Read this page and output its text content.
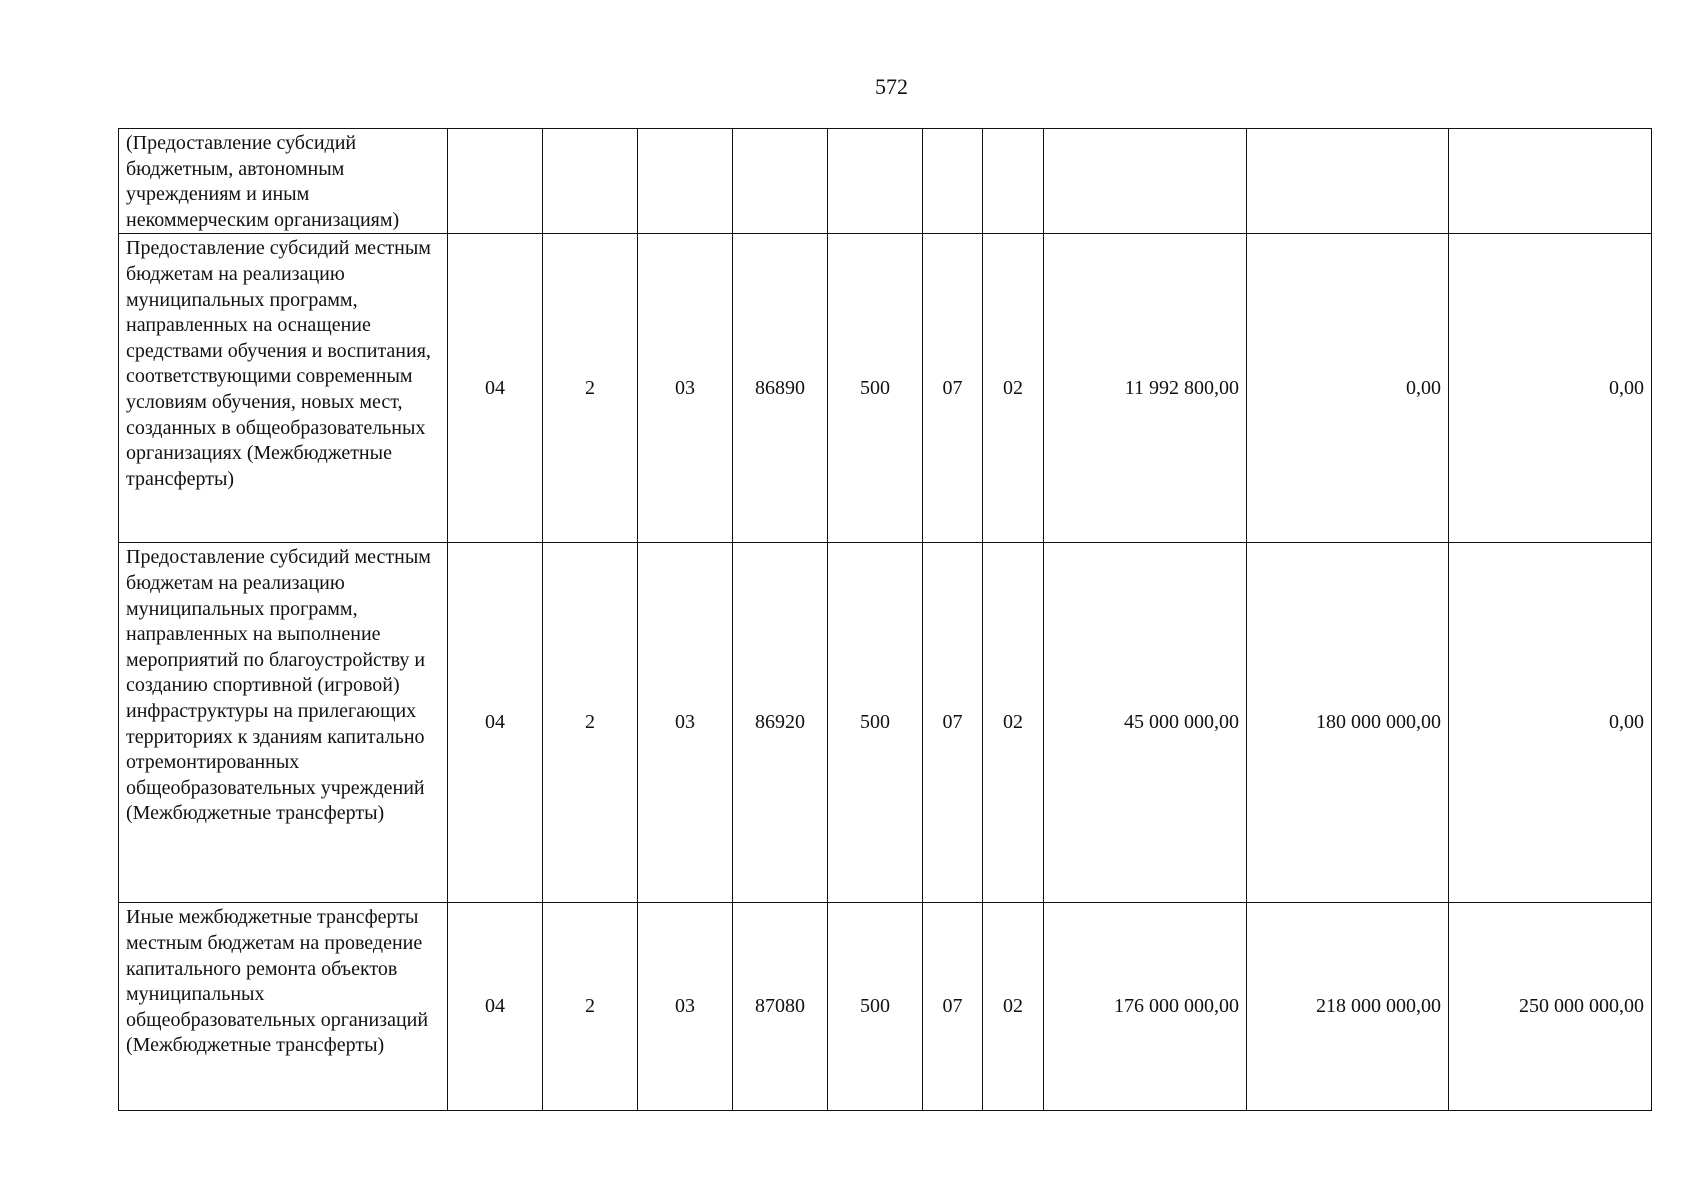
572
(Предоставление субсидий бюджетным, автономным учреждениям и иным некоммерческим организациям)										
Предоставление субсидий местным бюджетам на реализацию муниципальных программ, направленных на оснащение средствами обучения и воспитания, соответствующими современным условиям обучения, новых мест, созданных в общеобразовательных организациях (Межбюджетные трансферты)	04	2	03	86890	500	07	02	11 992 800,00	0,00	0,00
Предоставление субсидий местным бюджетам на реализацию муниципальных программ, направленных на выполнение мероприятий по благоустройству и созданию спортивной (игровой) инфраструктуры на прилегающих территориях к зданиям капитально отремонтированных общеобразовательных учреждений (Межбюджетные трансферты)	04	2	03	86920	500	07	02	45 000 000,00	180 000 000,00	0,00
Иные межбюджетные трансферты местным бюджетам на проведение капитального ремонта объектов муниципальных общеобразовательных организаций (Межбюджетные трансферты)	04	2	03	87080	500	07	02	176 000 000,00	218 000 000,00	250 000 000,00
